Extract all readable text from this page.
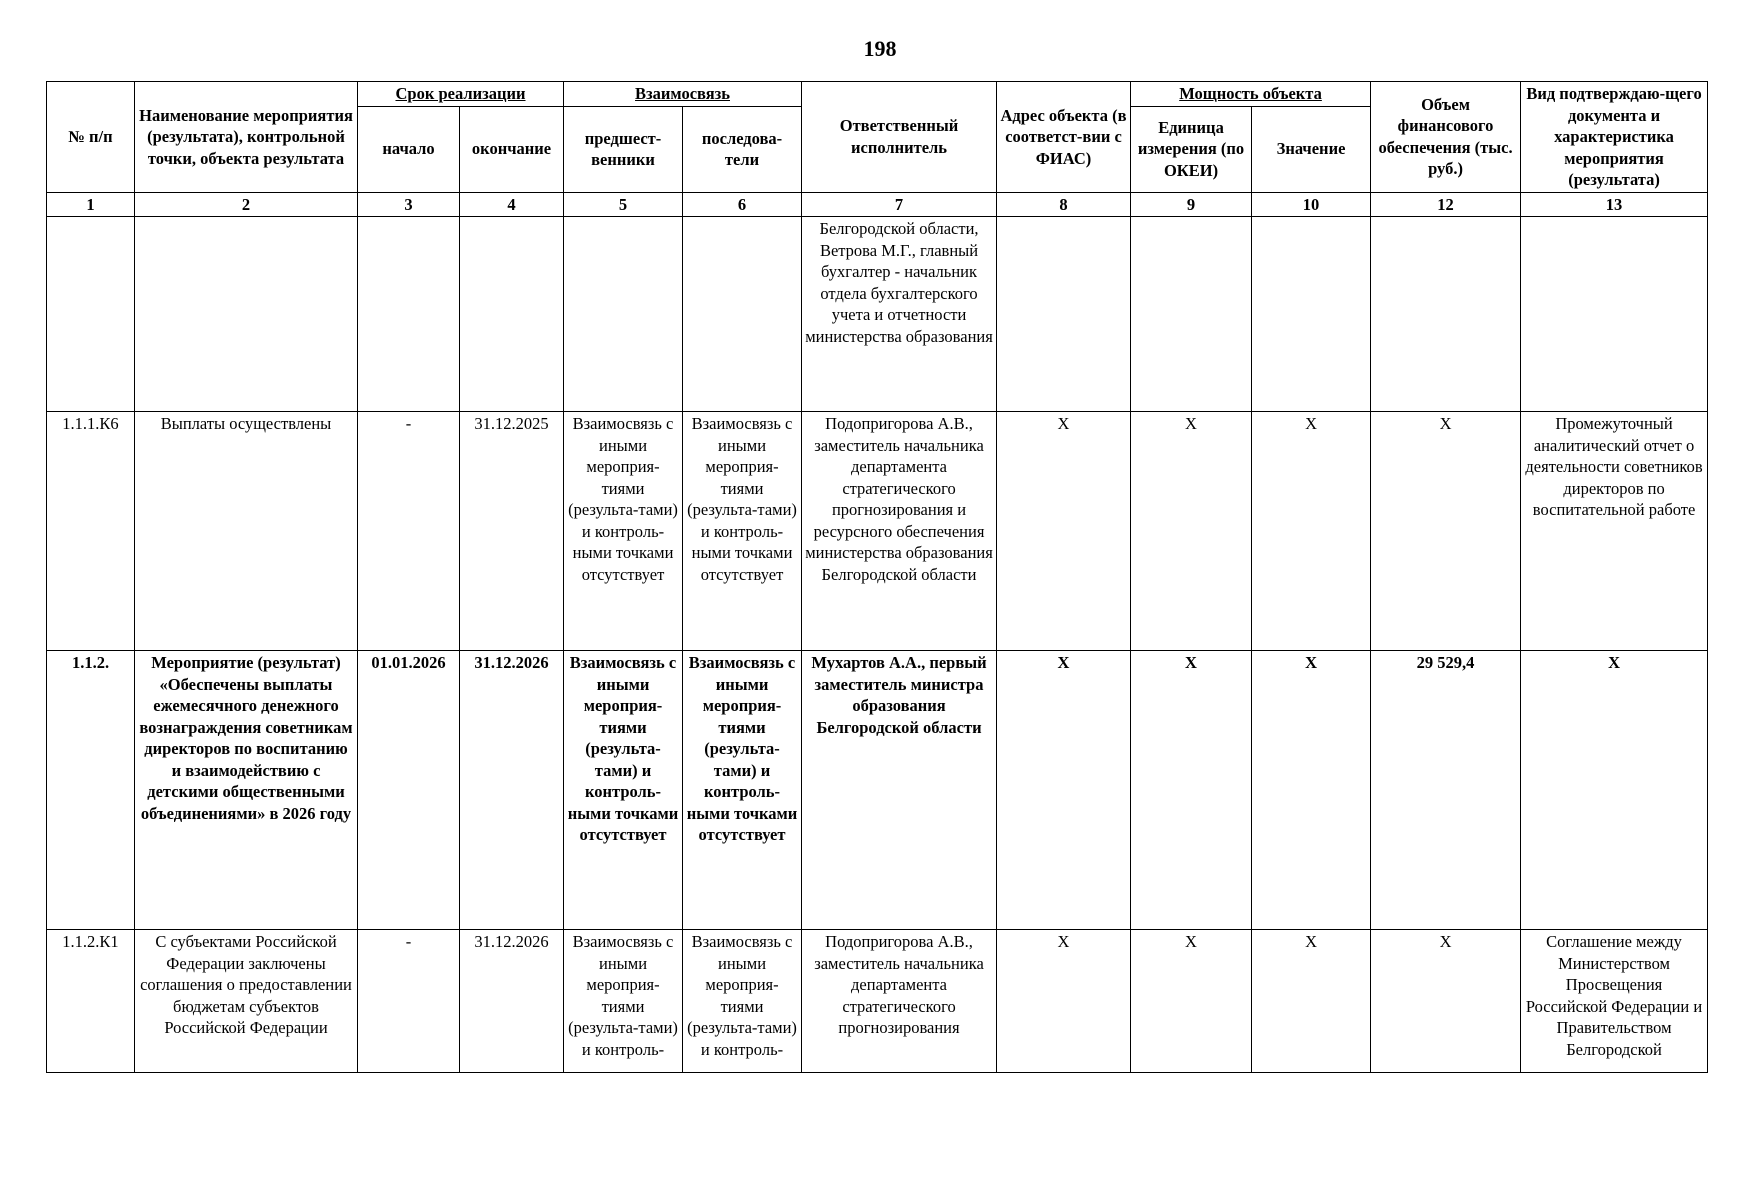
198
№ п/п	Наименование мероприятия (результата), контрольной точки, объекта результата	Срок реализации		Взаимосвязь		Ответственный исполнитель	Адрес объекта (в соответст-вии с ФИАС)	Мощность объекта		Объем финансового обеспечения (тыс. руб.)	Вид подтверждаю-щего документа и характеристика мероприятия (результата)
		начало	окончание	предшест-венники	последова-тели			Единица измерения (по ОКЕИ)	Значение		
1	2	3	4	5	6	7	8	9	10	12	13
						Белгородской области, Ветрова М.Г., главный бухгалтер - начальник отдела бухгалтерского учета и отчетности министерства образования					
1.1.1.К6	Выплаты осуществлены	-	31.12.2025	Взаимосвязь с иными мероприя-тиями (результа-тами) и контроль-ными точками отсутствует	Взаимосвязь с иными мероприя-тиями (результа-тами) и контроль-ными точками отсутствует	Подопригорова А.В., заместитель начальника департамента стратегического прогнозирования и ресурсного обеспечения министерства образования Белгородской области	X	X	X	X	Промежуточный аналитический отчет о деятельности советников директоров по воспитательной работе
1.1.2.	Мероприятие (результат) «Обеспечены выплаты ежемесячного денежного вознаграждения советникам директоров по воспитанию и взаимодействию с детскими общественными объединениями» в 2026 году	01.01.2026	31.12.2026	Взаимосвязь с иными мероприя-тиями (результа-тами) и контроль-ными точками отсутствует	Взаимосвязь с иными мероприя-тиями (результа-тами) и контроль-ными точками отсутствует	Мухартов А.А., первый заместитель министра образования Белгородской области	X	X	X	29 529,4	X
1.1.2.К1	С субъектами Российской Федерации заключены соглашения о предоставлении бюджетам субъектов Российской Федерации	-	31.12.2026	Взаимосвязь с иными мероприя-тиями (результа-тами) и контроль-	Взаимосвязь с иными мероприя-тиями (результа-тами) и контроль-	Подопригорова А.В., заместитель начальника департамента стратегического прогнозирования	X	X	X	X	Соглашение между Министерством Просвещения Российской Федерации и Правительством Белгородской
